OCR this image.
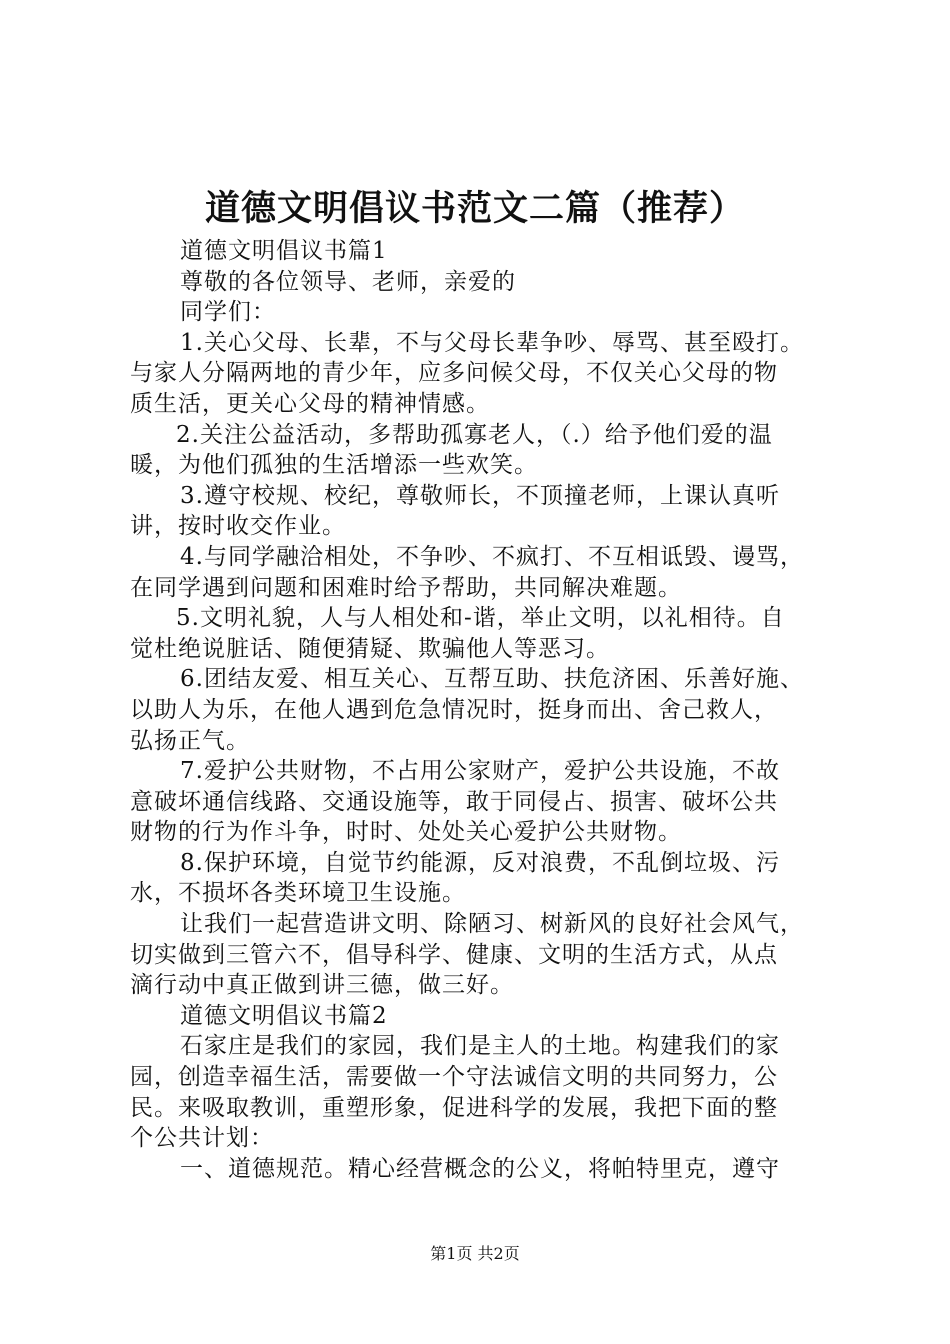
道德文明倡议书范文二篇（推荐）

道德文明倡议书篇1

尊敬的各位领导、老师，亲爱的

同学们：

1.关心父母、长辈，不与父母长辈争吵、辱骂、甚至殴打。

与家人分隔两地的青少年，应多问候父母，不仅关心父母的物

质生活，更关心父母的精神情感。

2.关注公益活动，多帮助孤寡老人，（.）给予他们爱的温

暖，为他们孤独的生活增添一些欢笑。

3.遵守校规、校纪，尊敬师长，不顶撞老师，上课认真听

讲，按时收交作业。

4.与同学融洽相处，不争吵、不疯打、不互相诋毁、谩骂，

在同学遇到问题和困难时给予帮助，共同解决难题。

5.文明礼貌，人与人相处和-谐，举止文明，以礼相待。自

觉杜绝说脏话、随便猜疑、欺骗他人等恶习。

6.团结友爱、相互关心、互帮互助、扶危济困、乐善好施、

以助人为乐，在他人遇到危急情况时，挺身而出、舍己救人，

弘扬正气。

7.爱护公共财物，不占用公家财产，爱护公共设施，不故

意破坏通信线路、交通设施等，敢于同侵占、损害、破坏公共

财物的行为作斗争，时时、处处关心爱护公共财物。

8.保护环境，自觉节约能源，反对浪费，不乱倒垃圾、污

水，不损坏各类环境卫生设施。

让我们一起营造讲文明、除陋习、树新风的良好社会风气，

切实做到三管六不，倡导科学、健康、文明的生活方式，从点

滴行动中真正做到讲三德，做三好。

道德文明倡议书篇2

石家庄是我们的家园，我们是主人的土地。构建我们的家

园，创造幸福生活，需要做一个守法诚信文明的共同努力，公

民。来吸取教训，重塑形象，促进科学的发展，我把下面的整

个公共计划：

一、道德规范。精心经营概念的公义，将帕特里克，遵守

第1页 共2页
